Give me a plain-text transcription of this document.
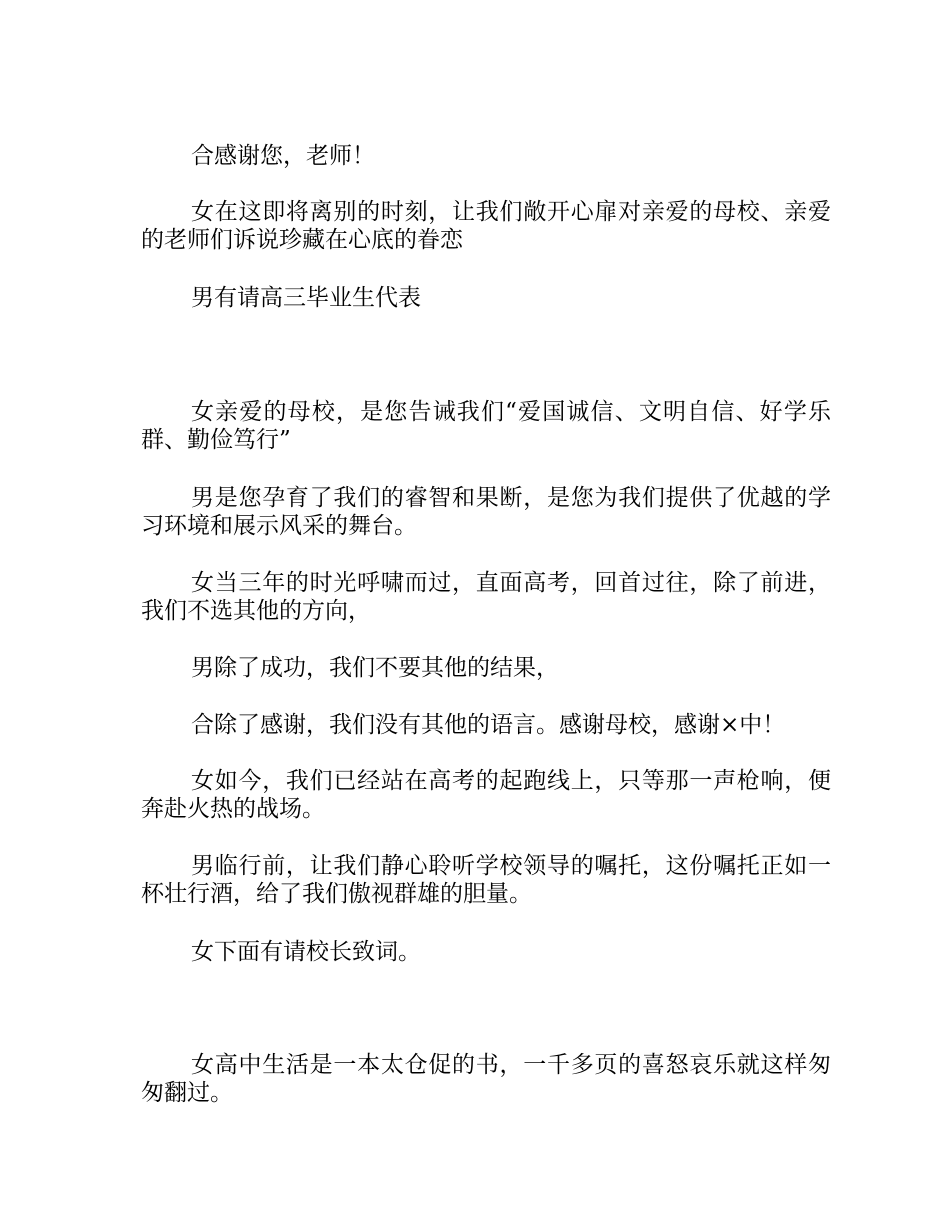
合感谢您，老师！

女在这即将离别的时刻，让我们敞开心扉对亲爱的母校、亲爱的老师们诉说珍藏在心底的眷恋

男有请高三毕业生代表

女亲爱的母校，是您告诫我们“爱国诚信、文明自信、好学乐群、勤俭笃行”

男是您孕育了我们的睿智和果断，是您为我们提供了优越的学习环境和展示风采的舞台。

女当三年的时光呼啸而过，直面高考，回首过往，除了前进，我们不选其他的方向，

男除了成功，我们不要其他的结果，

合除了感谢，我们没有其他的语言。感谢母校，感谢×中！

女如今，我们已经站在高考的起跑线上，只等那一声枪响，便奔赴火热的战场。

男临行前，让我们静心聆听学校领导的嘱托，这份嘱托正如一杯壮行酒，给了我们傲视群雄的胆量。

女下面有请校长致词。

女高中生活是一本太仓促的书，一千多页的喜怒哀乐就这样匆匆翻过。
